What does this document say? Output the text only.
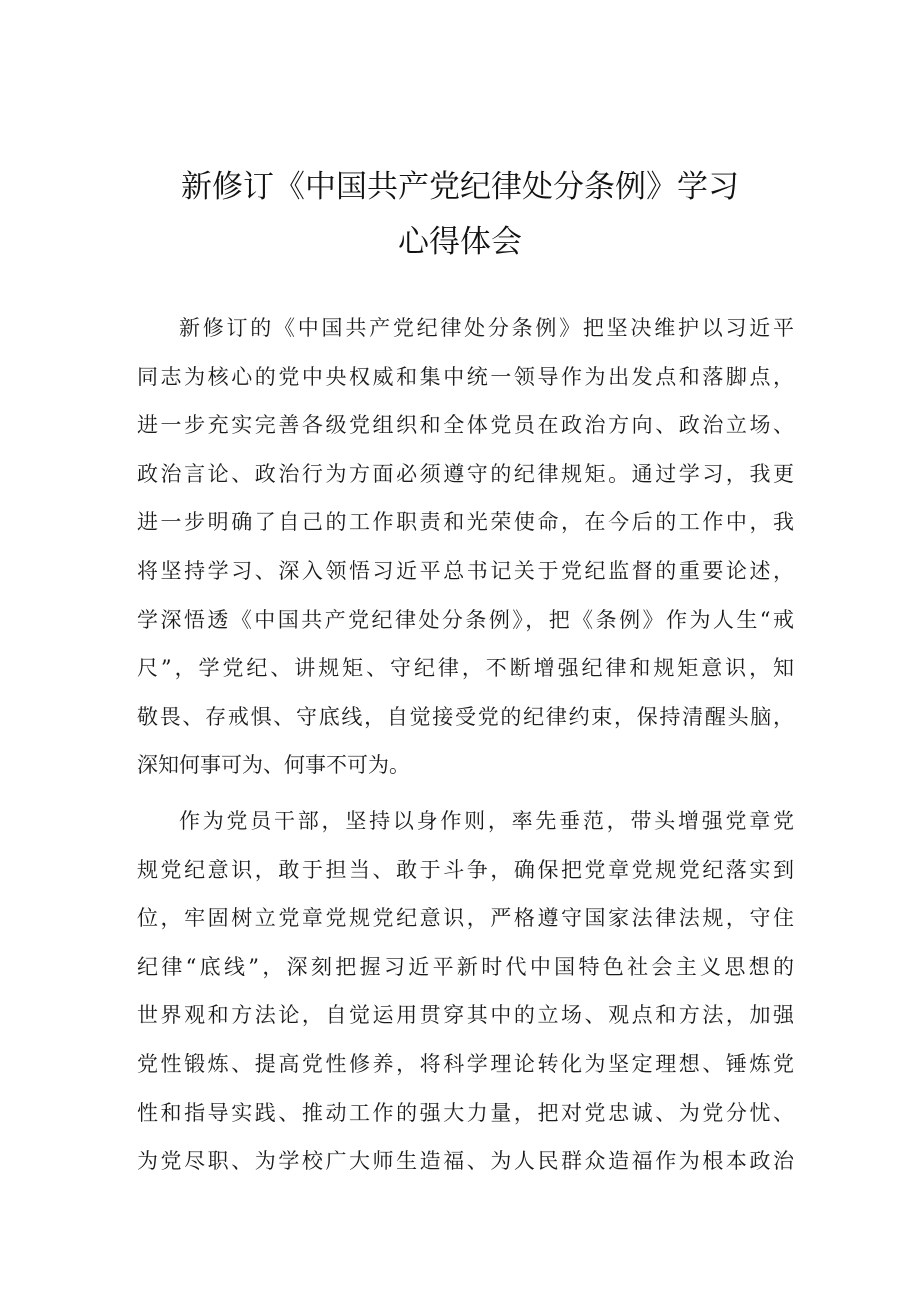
新修订《中国共产党纪律处分条例》学习
心得体会
新修订的《中国共产党纪律处分条例》把坚决维护以习近平
同志为核心的党中央权威和集中统一领导作为出发点和落脚点，
进一步充实完善各级党组织和全体党员在政治方向、政治立场、
政治言论、政治行为方面必须遵守的纪律规矩。通过学习，我更
进一步明确了自己的工作职责和光荣使命，在今后的工作中，我
将坚持学习、深入领悟习近平总书记关于党纪监督的重要论述，
学深悟透《中国共产党纪律处分条例》，把《条例》作为人生“戒
尺”，学党纪、讲规矩、守纪律，不断增强纪律和规矩意识，知
敬畏、存戒惧、守底线，自觉接受党的纪律约束，保持清醒头脑，
深知何事可为、何事不可为。
作为党员干部，坚持以身作则，率先垂范，带头增强党章党
规党纪意识，敢于担当、敢于斗争，确保把党章党规党纪落实到
位，牢固树立党章党规党纪意识，严格遵守国家法律法规，守住
纪律“底线”，深刻把握习近平新时代中国特色社会主义思想的
世界观和方法论，自觉运用贯穿其中的立场、观点和方法，加强
党性锻炼、提高党性修养，将科学理论转化为坚定理想、锤炼党
性和指导实践、推动工作的强大力量，把对党忠诚、为党分忧、
为党尽职、为学校广大师生造福、为人民群众造福作为根本政治
